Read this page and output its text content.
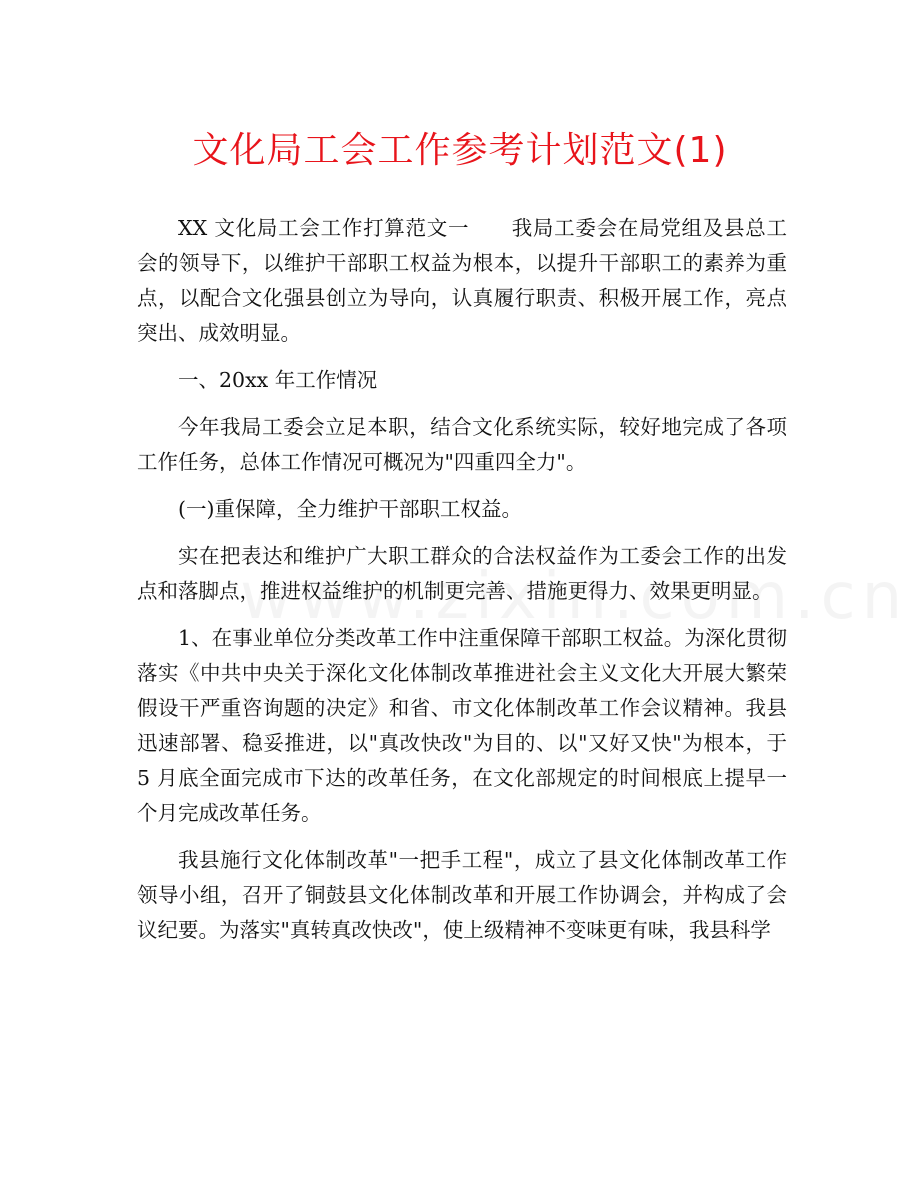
文化局工会工作参考计划范文(1)

XX 文化局工会工作打算范文一　　我局工委会在局党组及县总工会的领导下，以维护干部职工权益为根本，以提升干部职工的素养为重点，以配合文化强县创立为导向，认真履行职责、积极开展工作，亮点突出、成效明显。

一、20xx 年工作情况

今年我局工委会立足本职，结合文化系统实际，较好地完成了各项工作任务，总体工作情况可概况为"四重四全力"。

(一)重保障，全力维护干部职工权益。

实在把表达和维护广大职工群众的合法权益作为工委会工作的出发点和落脚点，推进权益维护的机制更完善、措施更得力、效果更明显。

1、在事业单位分类改革工作中注重保障干部职工权益。为深化贯彻落实《中共中央关于深化文化体制改革推进社会主义文化大开展大繁荣假设干严重咨询题的决定》和省、市文化体制改革工作会议精神。我县迅速部署、稳妥推进，以"真改快改"为目的、以"又好又快"为根本，于 5 月底全面完成市下达的改革任务，在文化部规定的时间根底上提早一个月完成改革任务。

我县施行文化体制改革"一把手工程"，成立了县文化体制改革工作领导小组，召开了铜鼓县文化体制改革和开展工作协调会，并构成了会议纪要。为落实"真转真改快改"，使上级精神不变味更有味，我县科学
